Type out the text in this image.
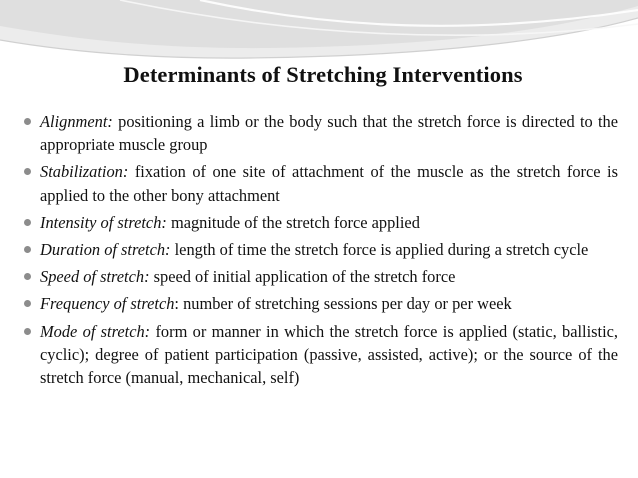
Determinants of Stretching Interventions
Alignment: positioning a limb or the body such that the stretch force is directed to the appropriate muscle group
Stabilization: fixation of one site of attachment of the muscle as the stretch force is applied to the other bony attachment
Intensity of stretch: magnitude of the stretch force applied
Duration of stretch: length of time the stretch force is applied during a stretch cycle
Speed of stretch: speed of initial application of the stretch force
Frequency of stretch: number of stretching sessions per day or per week
Mode of stretch: form or manner in which the stretch force is applied (static, ballistic, cyclic); degree of patient participation (passive, assisted, active); or the source of the stretch force (manual, mechanical, self)
